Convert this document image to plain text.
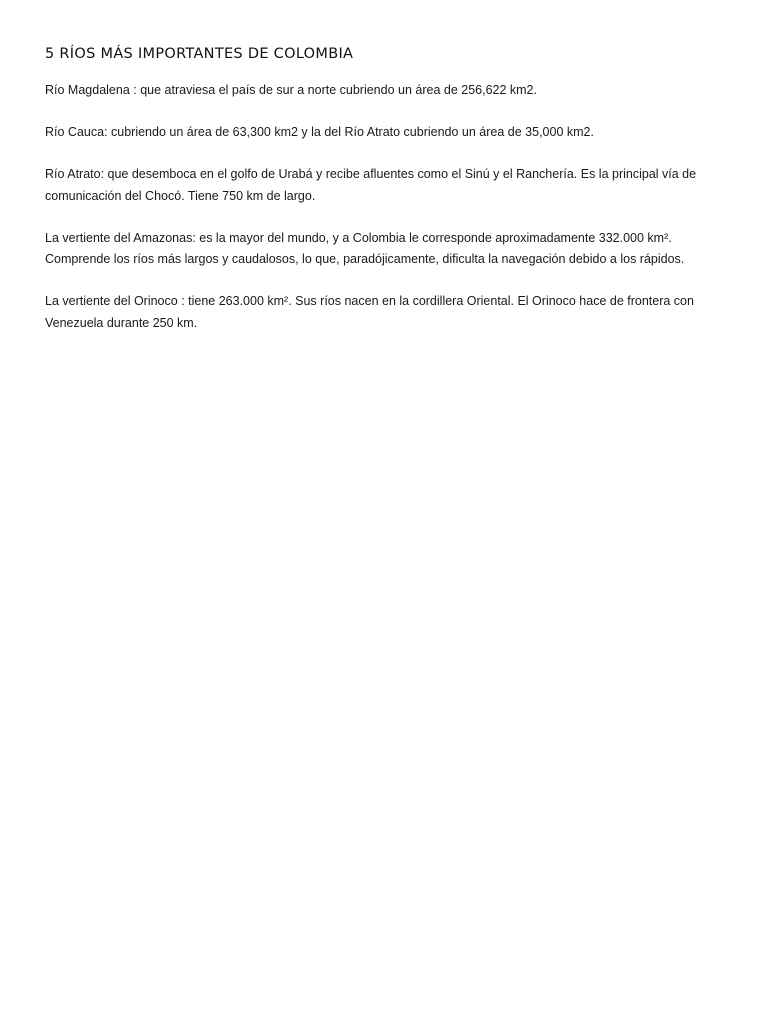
5 RÍOS MÁS IMPORTANTES DE COLOMBIA

Río Magdalena : que atraviesa el país de sur a norte cubriendo un área de 256,622 km2.

Río Cauca: cubriendo un área de 63,300 km2 y la del Río Atrato cubriendo un área de 35,000 km2.

Río Atrato: que desemboca en el golfo de Urabá y recibe afluentes como el Sinú y el Ranchería. Es la principal vía de comunicación del Chocó. Tiene 750 km de largo.

La vertiente del Amazonas: es la mayor del mundo, y a Colombia le corresponde aproximadamente 332.000 km². Comprende los ríos más largos y caudalosos, lo que, paradójicamente, dificulta la navegación debido a los rápidos.

La vertiente del Orinoco : tiene 263.000 km². Sus ríos nacen en la cordillera Oriental. El Orinoco hace de frontera con Venezuela durante 250 km.
